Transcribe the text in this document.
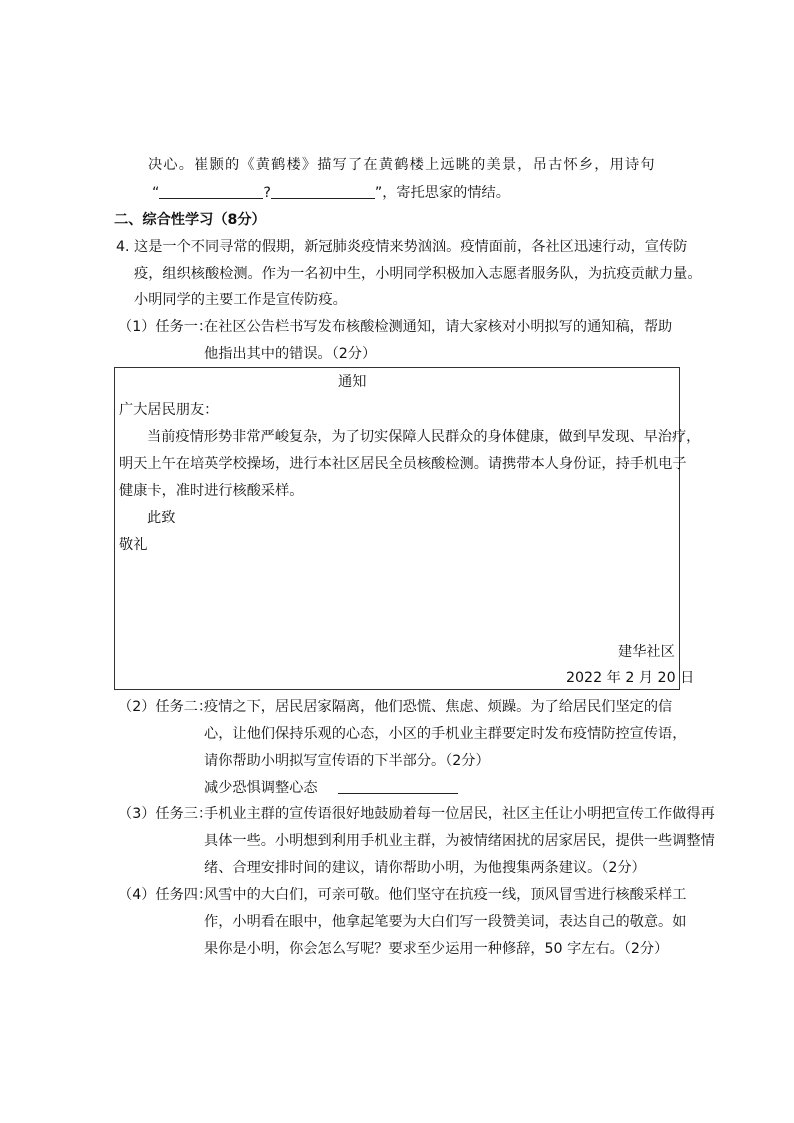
决心。崔颢的《黄鹤楼》描写了在黄鹤楼上远眺的美景，吊古怀乡，用诗句
“	?	”，寄托思家的情结。
二、综合性学习（8分）
4. 这是一个不同寻常的假期，新冠肺炎疫情来势汹汹。疫情面前，各社区迅速行动，宣传防
疫，组织核酸检测。作为一名初中生，小明同学积极加入志愿者服务队，为抗疫贡献力量。
小明同学的主要工作是宣传防疫。
（1）任务一：
在社区公告栏书写发布核酸检测通知，请大家核对小明拟写的通知稿，帮助
他指出其中的错误。（2分）
通知
广大居民朋友：
当前疫情形势非常严峻复杂，为了切实保障人民群众的身体健康，做到早发现、早治疗，
明天上午在培英学校操场，进行本社区居民全员核酸检测。请携带本人身份证，持手机电子
健康卡，准时进行核酸采样。
此致
敬礼
建华社区
2022 年 2 月 20 日
（2）任务二：
疫情之下，居民居家隔离，他们恐慌、焦虑、烦躁。为了给居民们坚定的信
心，让他们保持乐观的心态，小区的手机业主群要定时发布疫情防控宣传语，
请你帮助小明拟写宣传语的下半部分。（2分）
减少恐惧调整心态
（3）任务三：
手机业主群的宣传语很好地鼓励着每一位居民，社区主任让小明把宣传工作做得再
具体一些。小明想到利用手机业主群，为被情绪困扰的居家居民，提供一些调整情
绪、合理安排时间的建议，请你帮助小明，为他搜集两条建议。（2分）
（4）任务四：
风雪中的大白们，可亲可敬。他们坚守在抗疫一线，顶风冒雪进行核酸采样工
作，小明看在眼中，他拿起笔要为大白们写一段赞美词，表达自己的敬意。如
果你是小明，你会怎么写呢？要求至少运用一种修辞，50 字左右。（2分）
